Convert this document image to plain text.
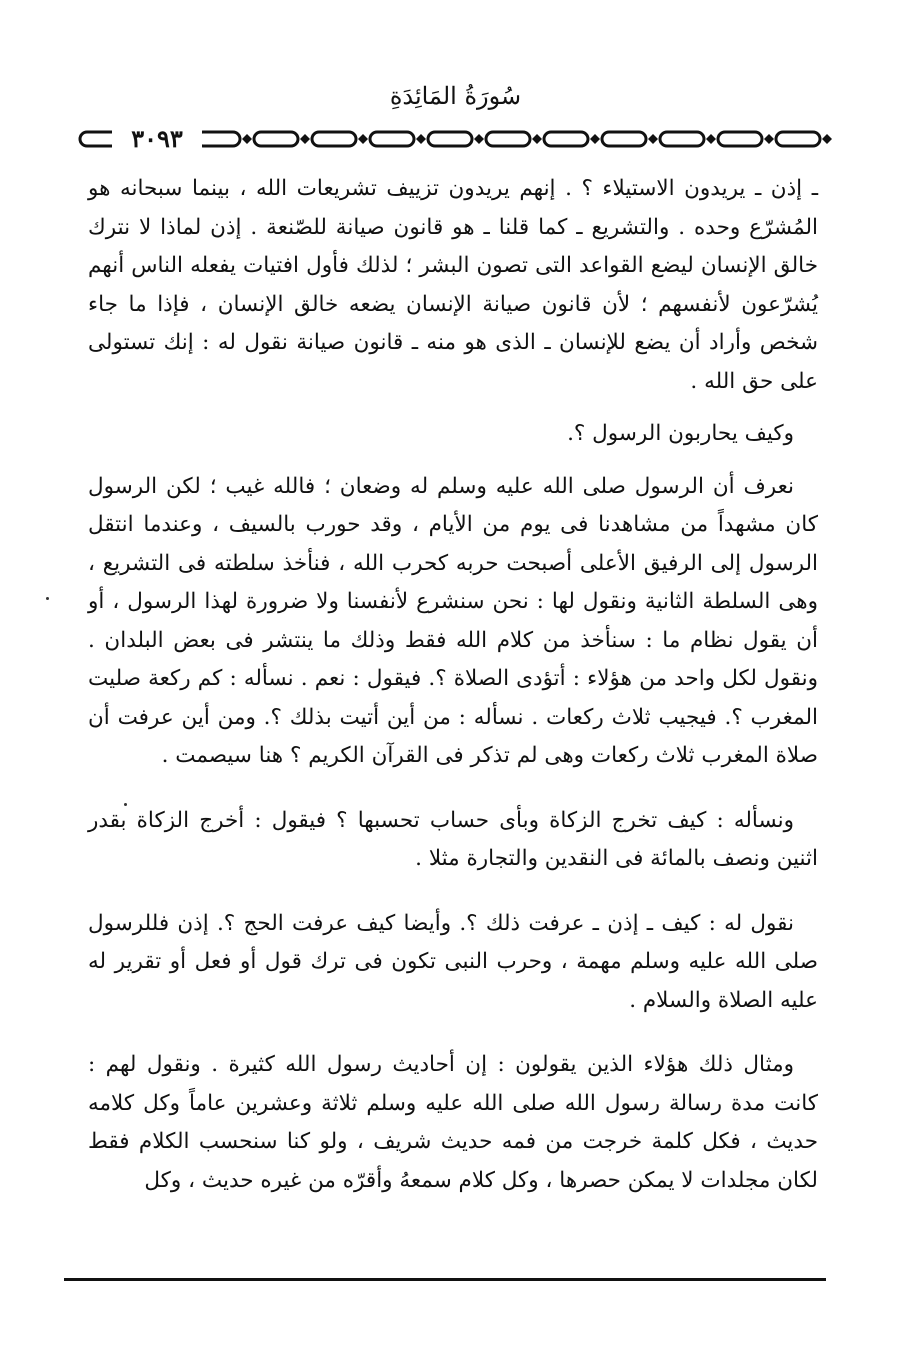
سُورَةُ المَائِدَةِ
٣٠٩٣

ـ إذن ـ يريدون الاستيلاء ؟ . إنهم يريدون تزييف تشريعات الله ، بينما سبحانه هو المُشرّع وحده . والتشريع ـ كما قلنا ـ هو قانون صيانة للصّنعة . إذن لماذا لا نترك خالق الإنسان ليضع القواعد التى تصون البشر ؛ لذلك فأول افتيات يفعله الناس أنهم يُشرّعون لأنفسهم ؛ لأن قانون صيانة الإنسان يضعه خالق الإنسان ، فإذا ما جاء شخص وأراد أن يضع للإنسان ـ الذى هو منه ـ قانون صيانة نقول له : إنك تستولى على حق الله .

وكيف يحاربون الرسول ؟.

نعرف أن الرسول صلى الله عليه وسلم له وضعان ؛ فالله غيب ؛ لكن الرسول كان مشهداً من مشاهدنا فى يوم من الأيام ، وقد حورب بالسيف ، وعندما انتقل الرسول إلى الرفيق الأعلى أصبحت حربه كحرب الله ، فنأخذ سلطته فى التشريع ، وهى السلطة الثانية ونقول لها : نحن سنشرع لأنفسنا ولا ضرورة لهذا الرسول ، أو أن يقول نظام ما : سنأخذ من كلام الله فقط وذلك ما ينتشر فى بعض البلدان . ونقول لكل واحد من هؤلاء : أتؤدى الصلاة ؟. فيقول : نعم . نسأله : كم ركعة صليت المغرب ؟. فيجيب ثلاث ركعات . نسأله : من أين أتيت بذلك ؟. ومن أين عرفت أن صلاة المغرب ثلاث ركعات وهى لم تذكر فى القرآن الكريم ؟ هنا سيصمت .

ونسأله : كيف تخرج الزكاة وبأى حساب تحسبها ؟ فيقول : أخرج الزكاة بقدر اثنين ونصف بالمائة فى النقدين والتجارة مثلا .

نقول له : كيف ـ إذن ـ عرفت ذلك ؟. وأيضا كيف عرفت الحج ؟. إذن فللرسول صلى الله عليه وسلم مهمة ، وحرب النبى تكون فى ترك قول أو فعل أو تقرير له عليه الصلاة والسلام .

ومثال ذلك هؤلاء الذين يقولون : إن أحاديث رسول الله كثيرة . ونقول لهم : كانت مدة رسالة رسول الله صلى الله عليه وسلم ثلاثة وعشرين عاماً وكل كلامه حديث ، فكل كلمة خرجت من فمه حديث شريف ، ولو كنا سنحسب الكلام فقط لكان مجلدات لا يمكن حصرها ، وكل كلام سمعهُ وأقرّه من غيره حديث ، وكل
